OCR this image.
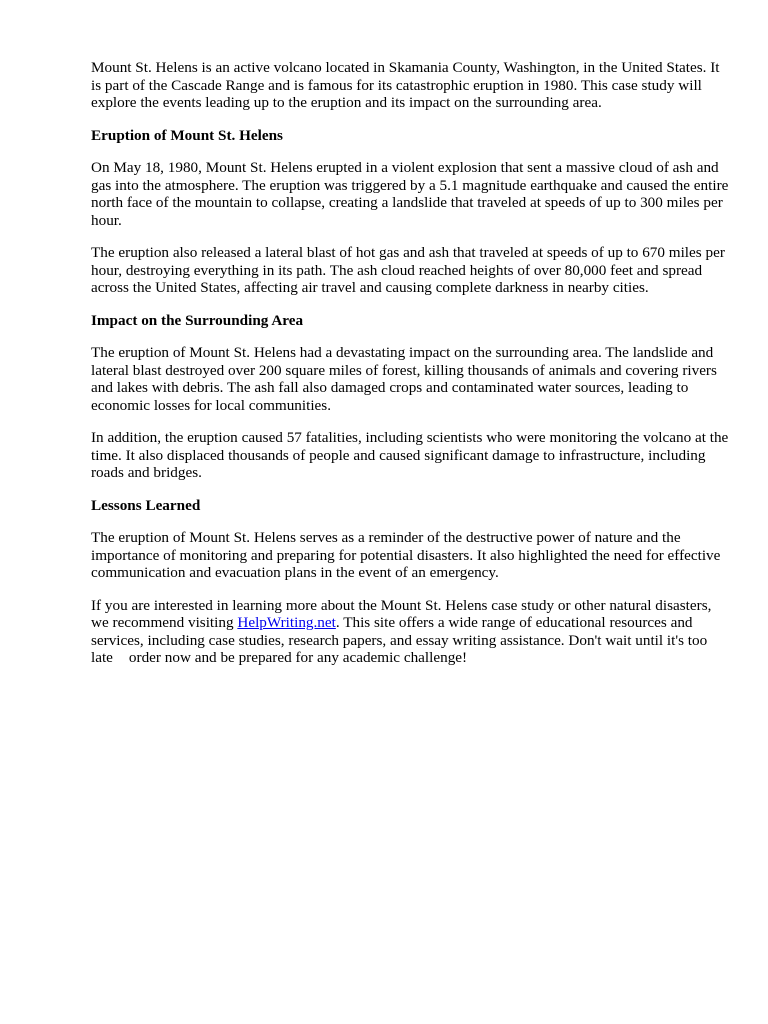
Mount St. Helens is an active volcano located in Skamania County, Washington, in the United States. It is part of the Cascade Range and is famous for its catastrophic eruption in 1980. This case study will explore the events leading up to the eruption and its impact on the surrounding area.

Eruption of Mount St. Helens

On May 18, 1980, Mount St. Helens erupted in a violent explosion that sent a massive cloud of ash and gas into the atmosphere. The eruption was triggered by a 5.1 magnitude earthquake and caused the entire north face of the mountain to collapse, creating a landslide that traveled at speeds of up to 300 miles per hour.

The eruption also released a lateral blast of hot gas and ash that traveled at speeds of up to 670 miles per hour, destroying everything in its path. The ash cloud reached heights of over 80,000 feet and spread across the United States, affecting air travel and causing complete darkness in nearby cities.

Impact on the Surrounding Area

The eruption of Mount St. Helens had a devastating impact on the surrounding area. The landslide and lateral blast destroyed over 200 square miles of forest, killing thousands of animals and covering rivers and lakes with debris. The ash fall also damaged crops and contaminated water sources, leading to economic losses for local communities.

In addition, the eruption caused 57 fatalities, including scientists who were monitoring the volcano at the time. It also displaced thousands of people and caused significant damage to infrastructure, including roads and bridges.

Lessons Learned

The eruption of Mount St. Helens serves as a reminder of the destructive power of nature and the importance of monitoring and preparing for potential disasters. It also highlighted the need for effective communication and evacuation plans in the event of an emergency.

If you are interested in learning more about the Mount St. Helens case study or other natural disasters, we recommend visiting HelpWriting.net. This site offers a wide range of educational resources and services, including case studies, research papers, and essay writing assistance. Don't wait until it's too late order now and be prepared for any academic challenge!
